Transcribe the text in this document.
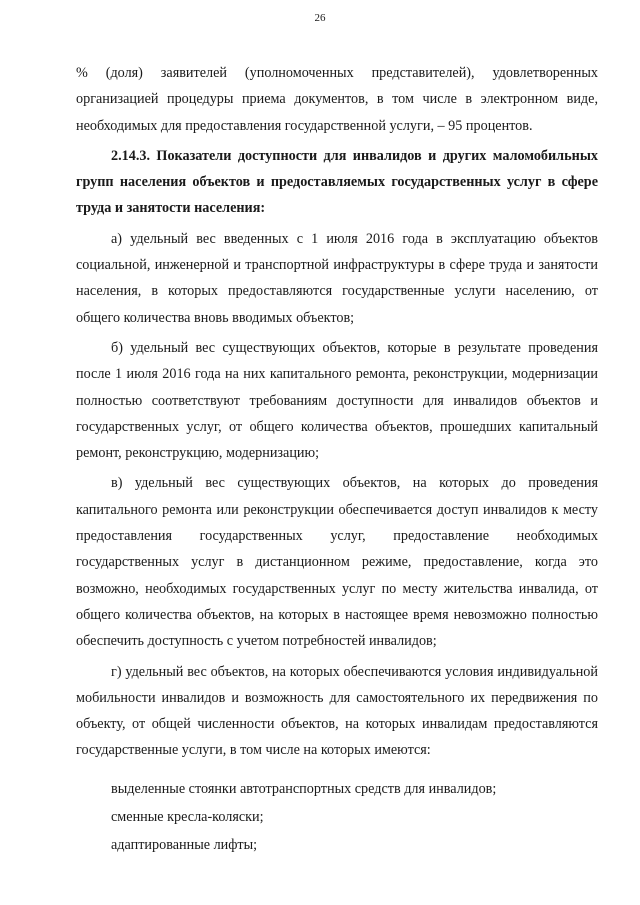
26

% (доля) заявителей (уполномоченных представителей), удовлетворенных организацией процедуры приема документов, в том числе в электронном виде, необходимых для предоставления государственной услуги, – 95 процентов.

2.14.3. Показатели доступности для инвалидов и других маломобильных групп населения объектов и предоставляемых государственных услуг в сфере труда и занятости населения:

а) удельный вес введенных с 1 июля 2016 года в эксплуатацию объектов социальной, инженерной и транспортной инфраструктуры в сфере труда и занятости населения, в которых предоставляются государственные услуги населению, от общего количества вновь вводимых объектов;

б) удельный вес существующих объектов, которые в результате проведения после 1 июля 2016 года на них капитального ремонта, реконструкции, модернизации полностью соответствуют требованиям доступности для инвалидов объектов и государственных услуг, от общего количества объектов, прошедших капитальный ремонт, реконструкцию, модернизацию;

в) удельный вес существующих объектов, на которых до проведения капитального ремонта или реконструкции обеспечивается доступ инвалидов к месту предоставления государственных услуг, предоставление необходимых государственных услуг в дистанционном режиме, предоставление, когда это возможно, необходимых государственных услуг по месту жительства инвалида, от общего количества объектов, на которых в настоящее время невозможно полностью обеспечить доступность с учетом потребностей инвалидов;

г) удельный вес объектов, на которых обеспечиваются условия индивидуальной мобильности инвалидов и возможность для самостоятельного их передвижения по объекту, от общей численности объектов, на которых инвалидам предоставляются государственные услуги, в том числе на которых имеются:

выделенные стоянки автотранспортных средств для инвалидов;

сменные кресла-коляски;

адаптированные лифты;
